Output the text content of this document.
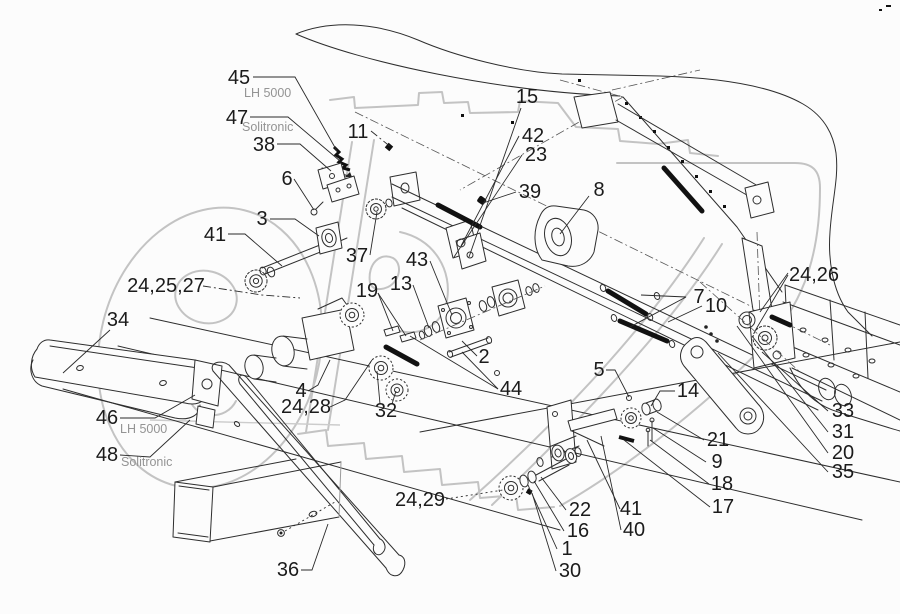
45
LH 5000
47
Solitronic
38
11
6
3
41
24,25,27
34
46 LH 5000
48 Solitronic
36
15
42
23
39	8
37 43
13
19
4
24,28 32
2
44
24,29	22
16
1
30
41
40
5
14
21
9
18
17
7 10
24,26
33
31
20
35
